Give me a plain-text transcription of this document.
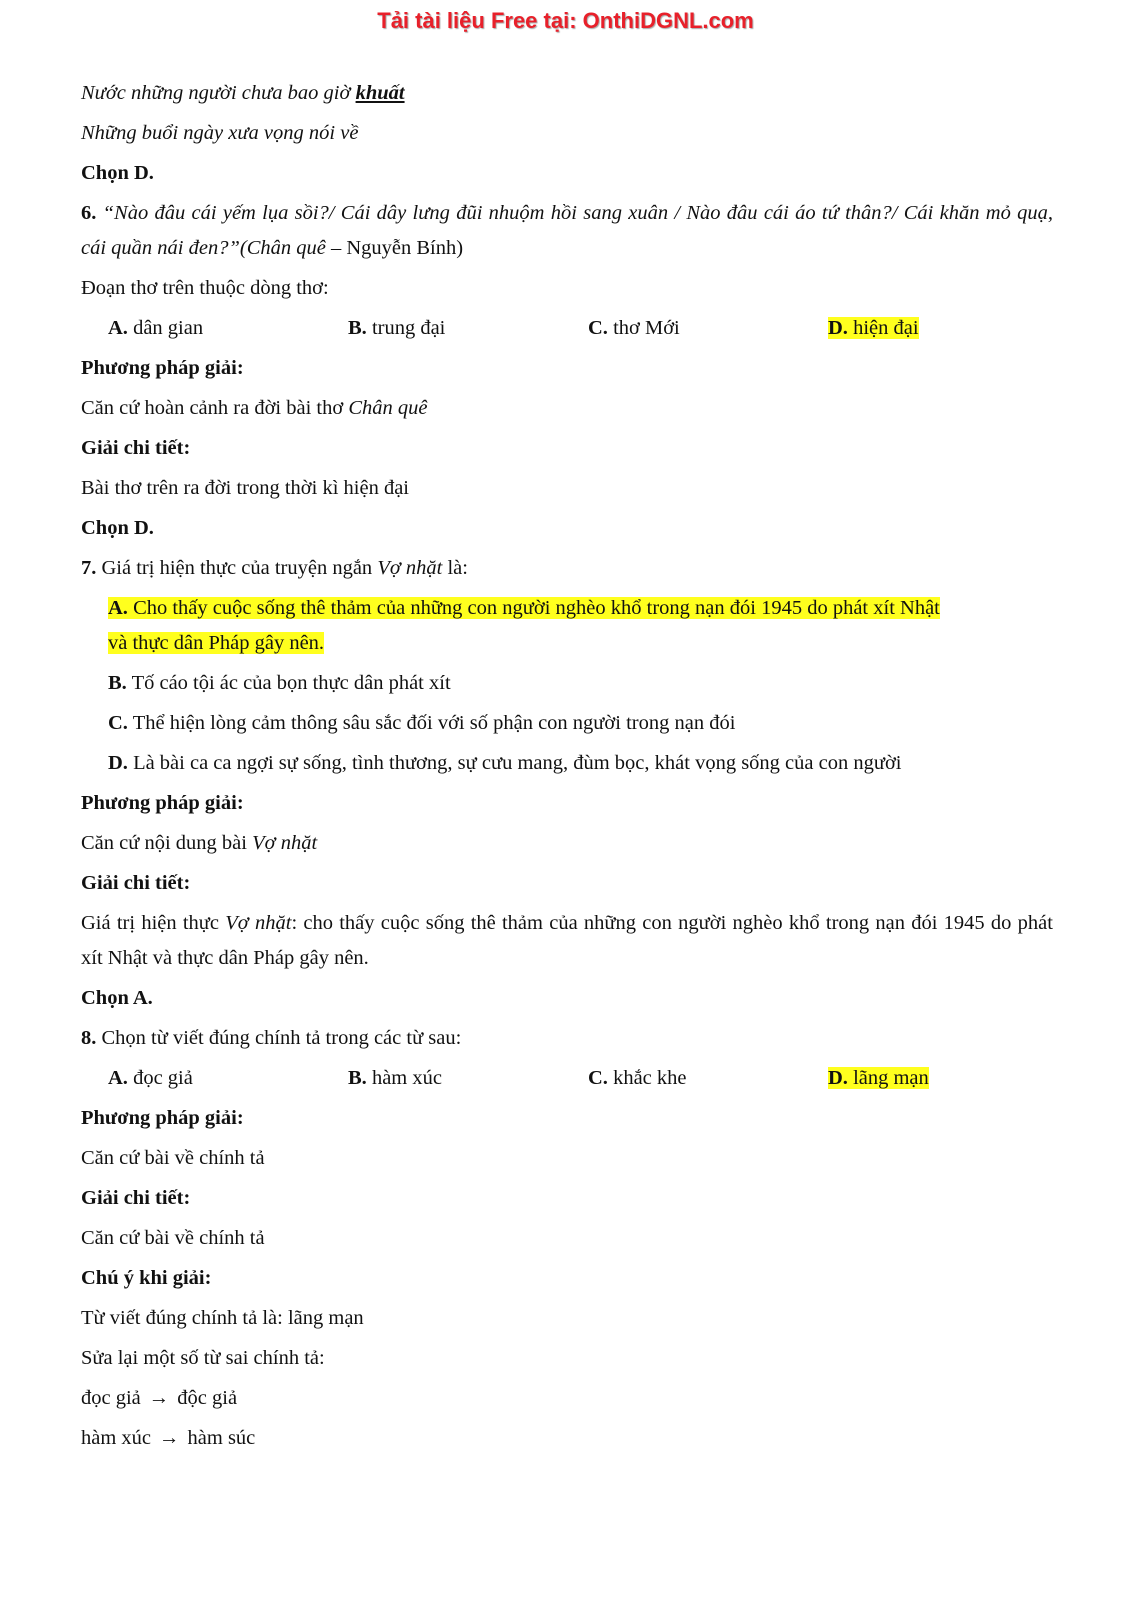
Tải tài liệu Free tại: OnthiDGNL.com
Nước những người chưa bao giờ khuất
Những buổi ngày xưa vọng nói về
Chọn D.
6. “Nào đâu cái yếm lụa sồi?/ Cái dây lưng đũi nhuộm hồi sang xuân / Nào đâu cái áo tứ thân?/ Cái khăn mỏ quạ, cái quần nái đen?”(Chân quê – Nguyễn Bính)
Đoạn thơ trên thuộc dòng thơ:
A. dân gian	B. trung đại	C. thơ Mới	D. hiện đại
Phương pháp giải:
Căn cứ hoàn cảnh ra đời bài thơ Chân quê
Giải chi tiết:
Bài thơ trên ra đời trong thời kì hiện đại
Chọn D.
7. Giá trị hiện thực của truyện ngắn Vợ nhặt là:
A. Cho thấy cuộc sống thê thảm của những con người nghèo khổ trong nạn đói 1945 do phát xít Nhật
và thực dân Pháp gây nên.
B. Tố cáo tội ác của bọn thực dân phát xít
C. Thể hiện lòng cảm thông sâu sắc đối với số phận con người trong nạn đói
D. Là bài ca ca ngợi sự sống, tình thương, sự cưu mang, đùm bọc, khát vọng sống của con người
Phương pháp giải:
Căn cứ nội dung bài Vợ nhặt
Giải chi tiết:
Giá trị hiện thực Vợ nhặt: cho thấy cuộc sống thê thảm của những con người nghèo khổ trong nạn đói 1945 do phát xít Nhật và thực dân Pháp gây nên.
Chọn A.
8. Chọn từ viết đúng chính tả trong các từ sau:
A. đọc giả	B. hàm xúc	C. khắc khe	D. lãng mạn
Phương pháp giải:
Căn cứ bài về chính tả
Giải chi tiết:
Căn cứ bài về chính tả
Chú ý khi giải:
Từ viết đúng chính tả là: lãng mạn
Sửa lại một số từ sai chính tả:
đọc giả → độc giả
hàm xúc → hàm súc
